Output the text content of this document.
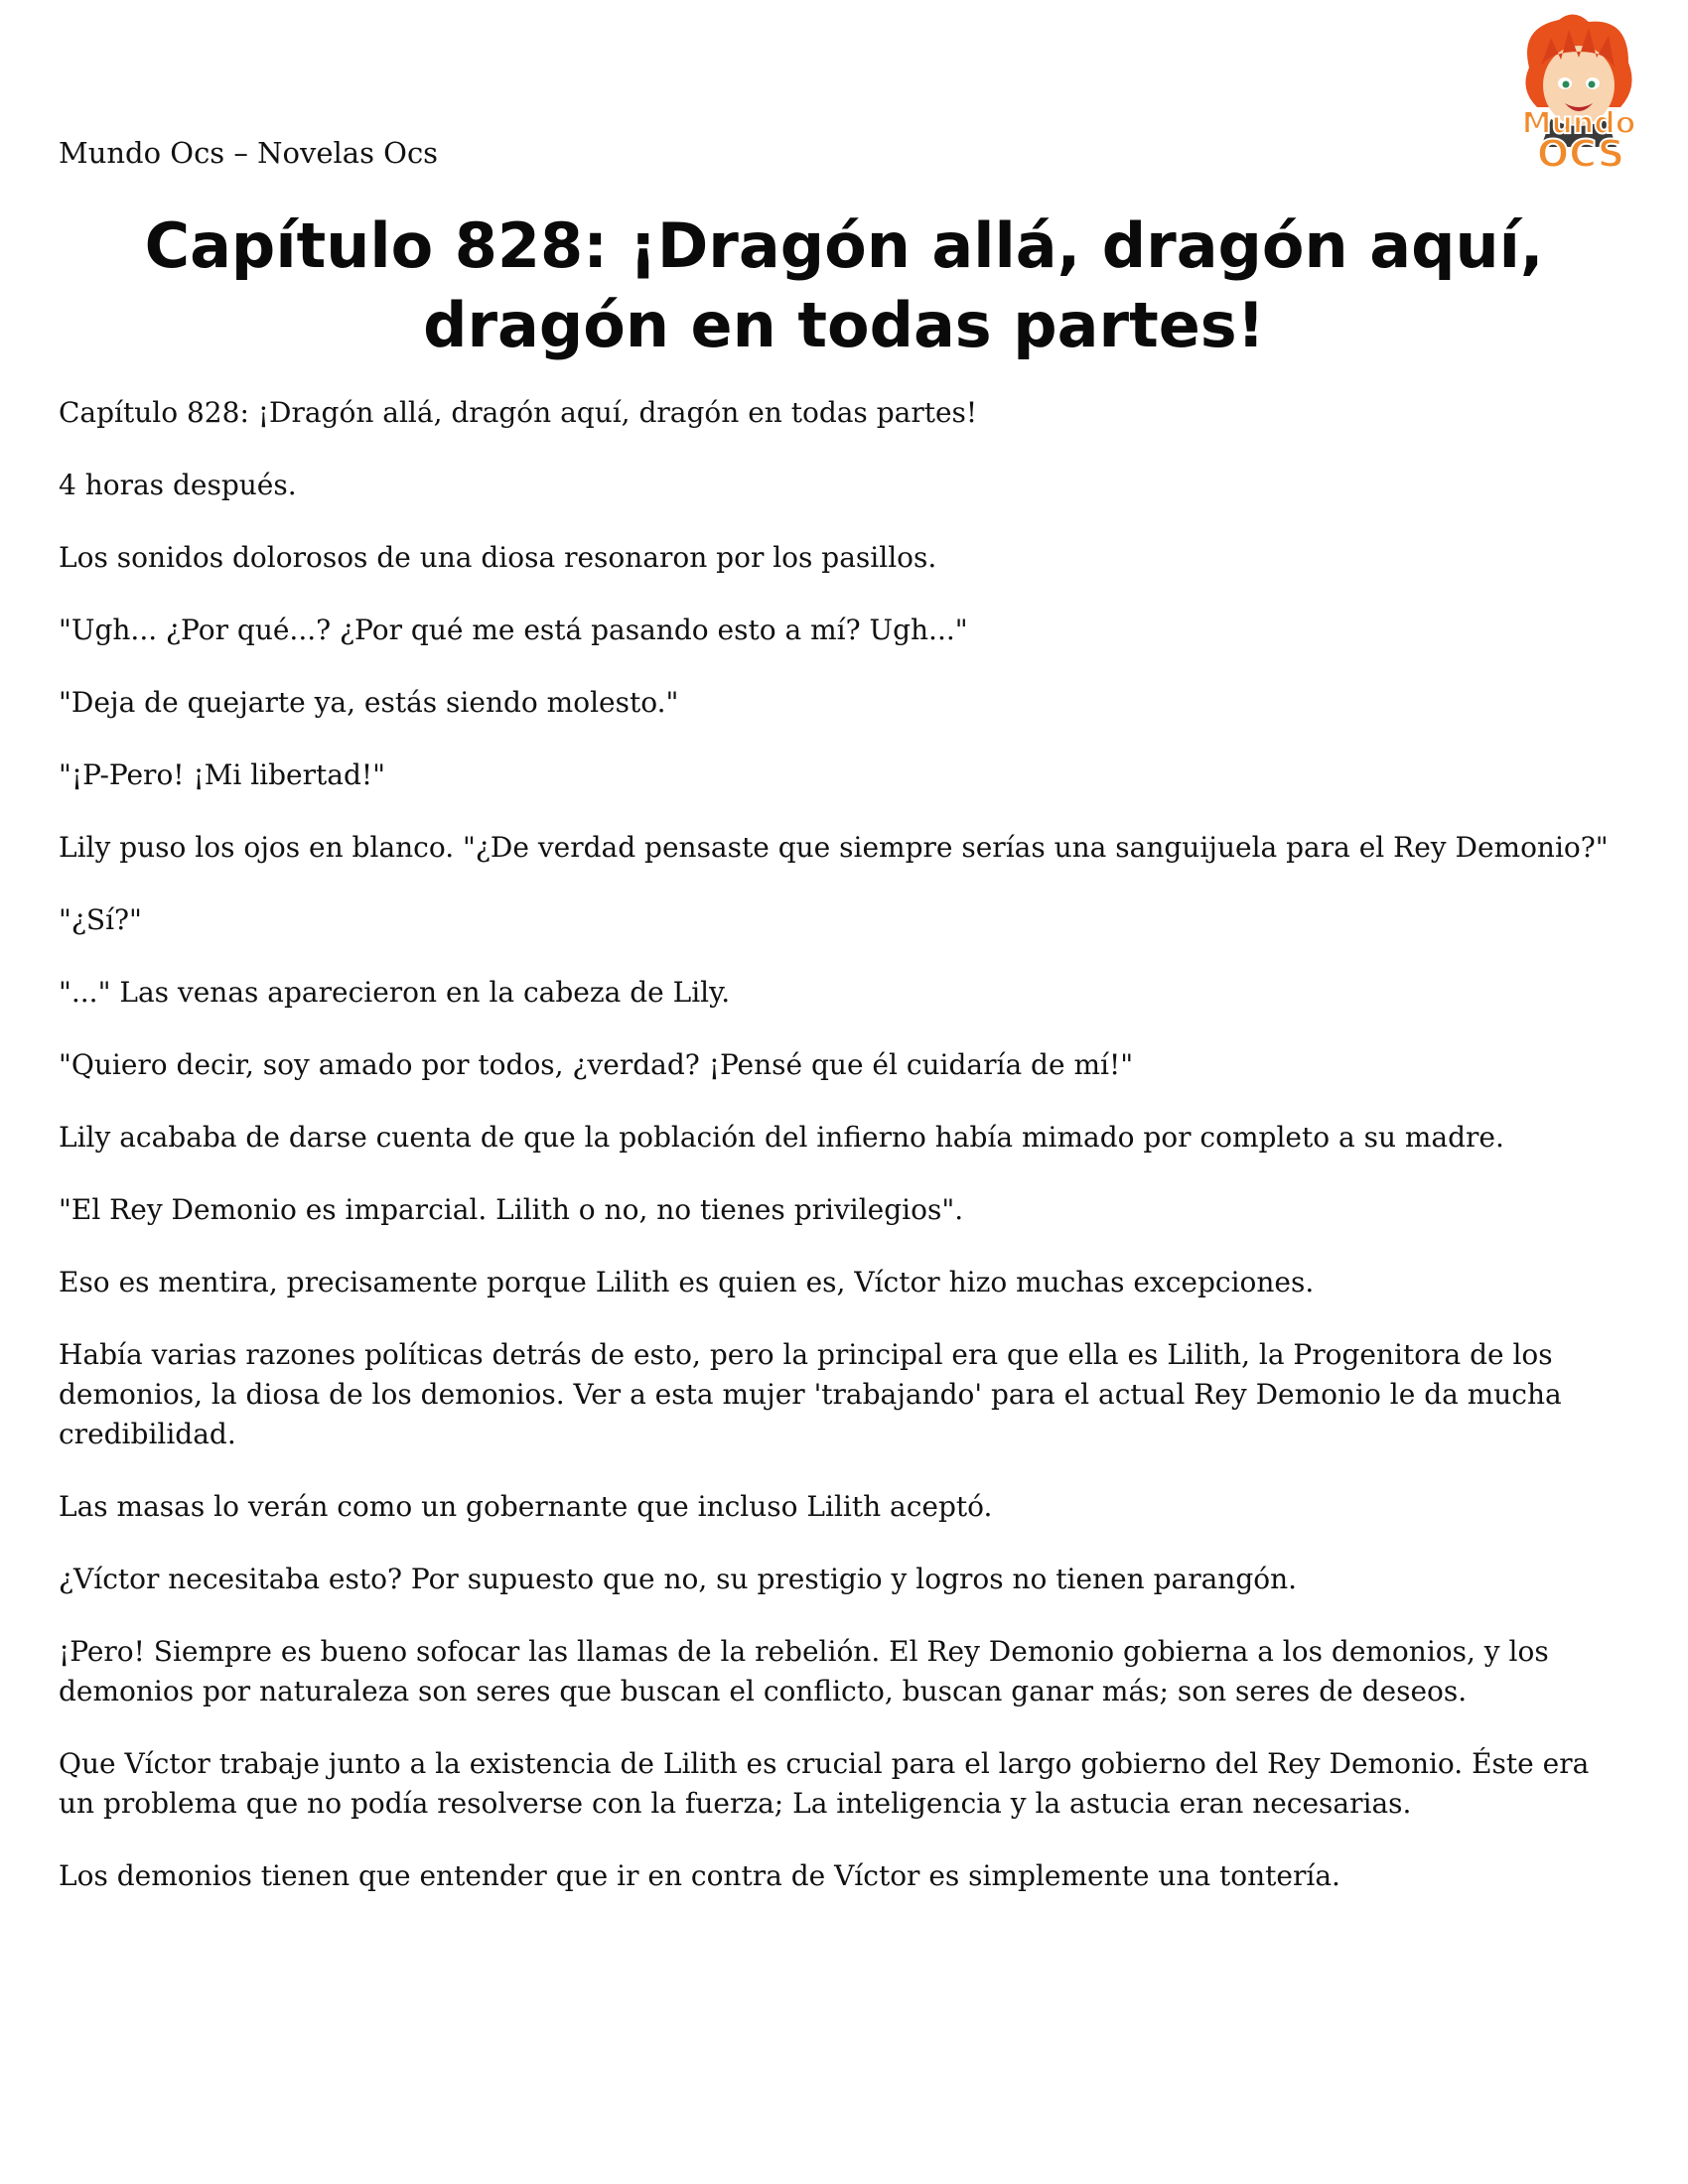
Mundo Ocs – Novelas Ocs
Mundo
OCS
Capítulo 828: ¡Dragón allá, dragón aquí, dragón en todas partes!

Capítulo 828: ¡Dragón allá, dragón aquí, dragón en todas partes!

4 horas después.

Los sonidos dolorosos de una diosa resonaron por los pasillos.

"Ugh... ¿Por qué...? ¿Por qué me está pasando esto a mí? Ugh..."

"Deja de quejarte ya, estás siendo molesto."

"¡P-Pero! ¡Mi libertad!"

Lily puso los ojos en blanco. "¿De verdad pensaste que siempre serías una sanguijuela para el Rey Demonio?"

"¿Sí?"

"..." Las venas aparecieron en la cabeza de Lily.

"Quiero decir, soy amado por todos, ¿verdad? ¡Pensé que él cuidaría de mí!"

Lily acababa de darse cuenta de que la población del infierno había mimado por completo a su madre.

"El Rey Demonio es imparcial. Lilith o no, no tienes privilegios".

Eso es mentira, precisamente porque Lilith es quien es, Víctor hizo muchas excepciones.

Había varias razones políticas detrás de esto, pero la principal era que ella es Lilith, la Progenitora de los demonios, la diosa de los demonios. Ver a esta mujer 'trabajando' para el actual Rey Demonio le da mucha credibilidad.

Las masas lo verán como un gobernante que incluso Lilith aceptó.

¿Víctor necesitaba esto? Por supuesto que no, su prestigio y logros no tienen parangón.

¡Pero! Siempre es bueno sofocar las llamas de la rebelión. El Rey Demonio gobierna a los demonios, y los demonios por naturaleza son seres que buscan el conflicto, buscan ganar más; son seres de deseos.

Que Víctor trabaje junto a la existencia de Lilith es crucial para el largo gobierno del Rey Demonio. Éste era un problema que no podía resolverse con la fuerza; La inteligencia y la astucia eran necesarias.

Los demonios tienen que entender que ir en contra de Víctor es simplemente una tontería.
